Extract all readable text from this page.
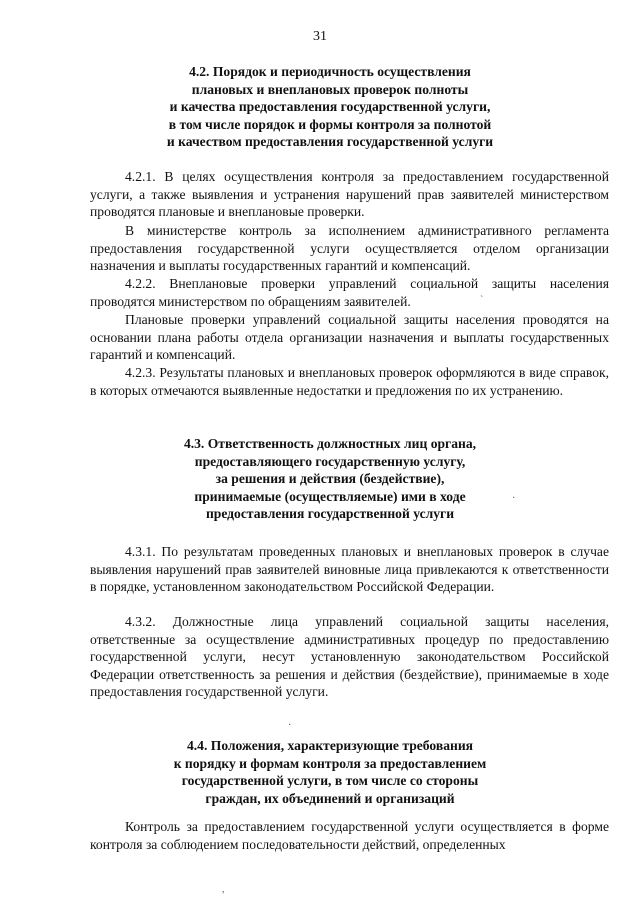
31
4.2. Порядок и периодичность осуществления
плановых и внеплановых проверок полноты
и качества предоставления государственной услуги,
в том числе порядок и формы контроля за полнотой
и качеством предоставления государственной услуги
4.2.1. В целях осуществления контроля за предоставлением государственной услуги, а также выявления и устранения нарушений прав заявителей министерством проводятся плановые и внеплановые проверки.
В министерстве контроль за исполнением административного регламента предоставления государственной услуги осуществляется отделом организации назначения и выплаты государственных гарантий и компенсаций.
4.2.2. Внеплановые проверки управлений социальной защиты населения проводятся министерством по обращениям заявителей.
Плановые проверки управлений социальной защиты населения проводятся на основании плана работы отдела организации назначения и выплаты государственных гарантий и компенсаций.
4.2.3. Результаты плановых и внеплановых проверок оформляются в виде справок, в которых отмечаются выявленные недостатки и предложения по их устранению.
4.3. Ответственность должностных лиц органа,
предоставляющего государственную услугу,
за решения и действия (бездействие),
принимаемые (осуществляемые) ими в ходе
предоставления государственной услуги
4.3.1. По результатам проведенных плановых и внеплановых проверок в случае выявления нарушений прав заявителей виновные лица привлекаются к ответственности в порядке, установленном законодательством Российской Федерации.
4.3.2. Должностные лица управлений социальной защиты населения, ответственные за осуществление административных процедур по предоставлению государственной услуги, несут установленную законодательством Российской Федерации ответственность за решения и действия (бездействие), принимаемые в ходе предоставления государственной услуги.
4.4. Положения, характеризующие требования
к порядку и формам контроля за предоставлением
государственной услуги, в том числе со стороны
граждан, их объединений и организаций
Контроль за предоставлением государственной услуги осуществляется в форме контроля за соблюдением последовательности действий, определенных
`
·
·
,
